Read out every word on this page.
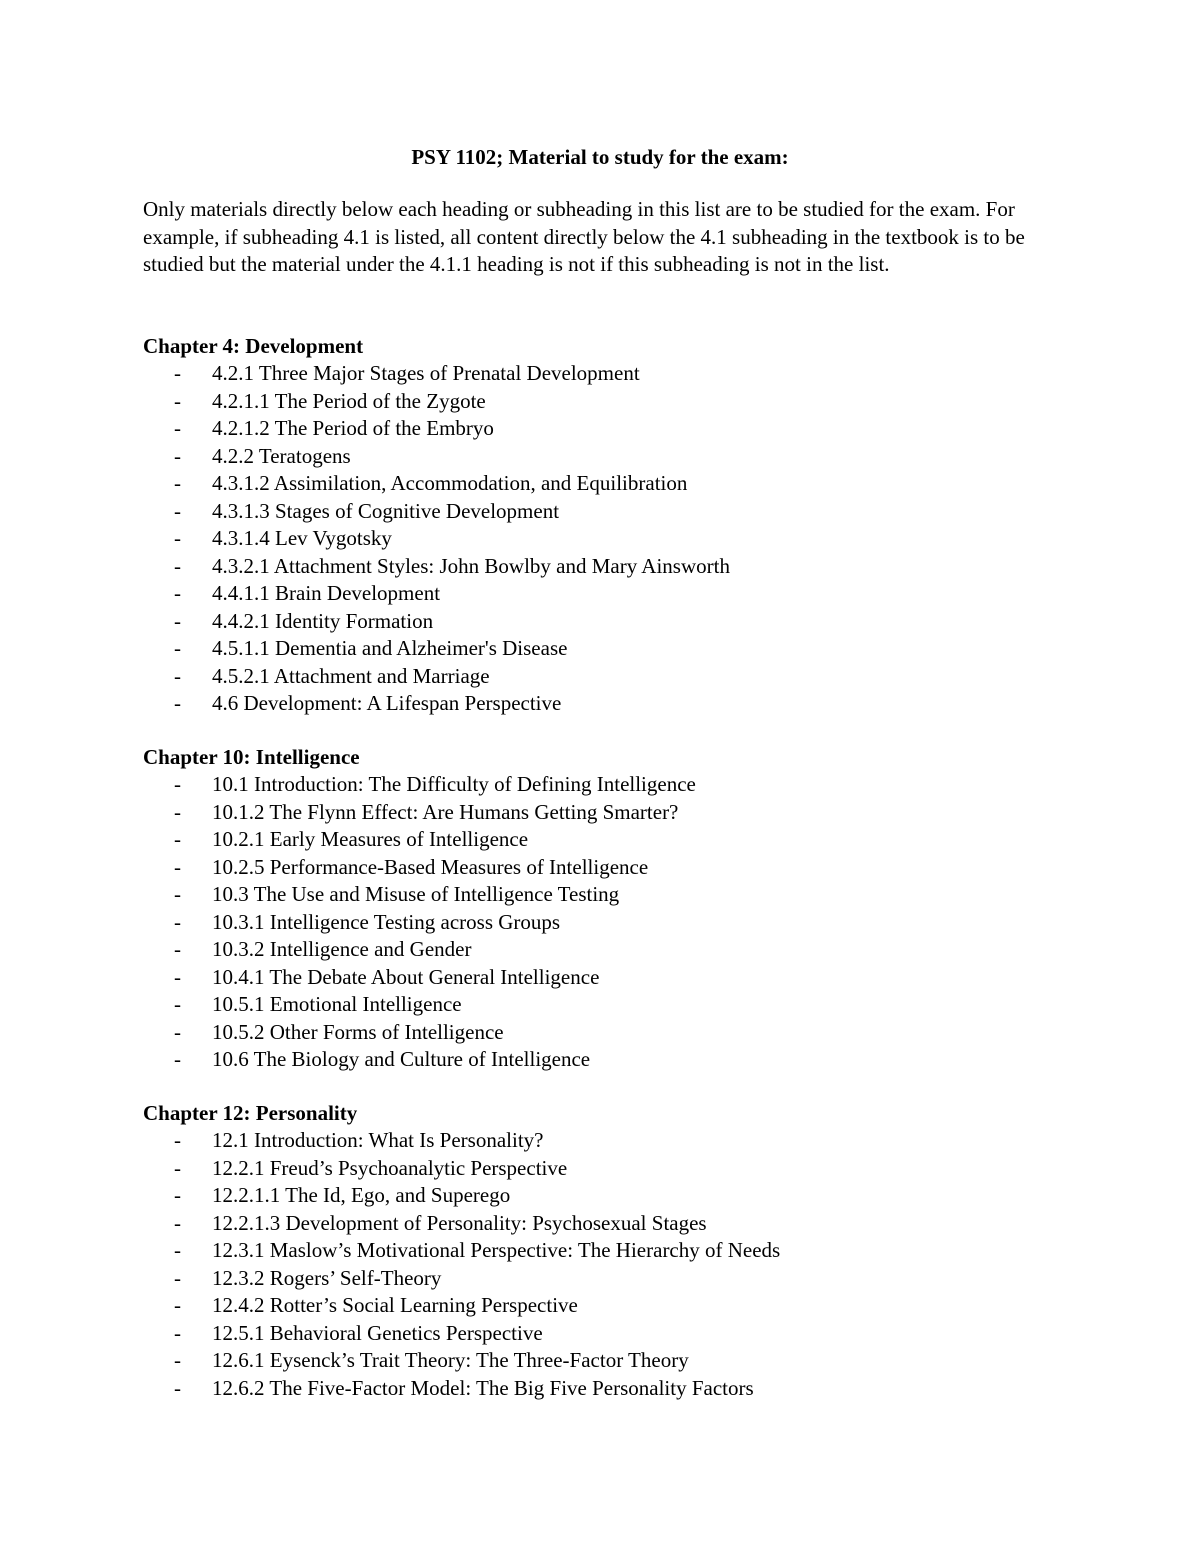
PSY 1102; Material to study for the exam:
Only materials directly below each heading or subheading in this list are to be studied for the exam. For example, if subheading 4.1 is listed, all content directly below the 4.1 subheading in the textbook is to be studied but the material under the 4.1.1 heading is not if this subheading is not in the list.
Chapter 4: Development
- 4.2.1 Three Major Stages of Prenatal Development
- 4.2.1.1 The Period of the Zygote
- 4.2.1.2 The Period of the Embryo
- 4.2.2 Teratogens
- 4.3.1.2 Assimilation, Accommodation, and Equilibration
- 4.3.1.3 Stages of Cognitive Development
- 4.3.1.4 Lev Vygotsky
- 4.3.2.1 Attachment Styles: John Bowlby and Mary Ainsworth
- 4.4.1.1 Brain Development
- 4.4.2.1 Identity Formation
- 4.5.1.1 Dementia and Alzheimer's Disease
- 4.5.2.1 Attachment and Marriage
- 4.6 Development: A Lifespan Perspective
Chapter 10: Intelligence
- 10.1 Introduction: The Difficulty of Defining Intelligence
- 10.1.2 The Flynn Effect: Are Humans Getting Smarter?
- 10.2.1 Early Measures of Intelligence
- 10.2.5 Performance-Based Measures of Intelligence
- 10.3 The Use and Misuse of Intelligence Testing
- 10.3.1 Intelligence Testing across Groups
- 10.3.2 Intelligence and Gender
- 10.4.1 The Debate About General Intelligence
- 10.5.1 Emotional Intelligence
- 10.5.2 Other Forms of Intelligence
- 10.6 The Biology and Culture of Intelligence
Chapter 12: Personality
- 12.1 Introduction: What Is Personality?
- 12.2.1 Freud’s Psychoanalytic Perspective
- 12.2.1.1 The Id, Ego, and Superego
- 12.2.1.3 Development of Personality: Psychosexual Stages
- 12.3.1 Maslow’s Motivational Perspective: The Hierarchy of Needs
- 12.3.2 Rogers’ Self-Theory
- 12.4.2 Rotter’s Social Learning Perspective
- 12.5.1 Behavioral Genetics Perspective
- 12.6.1 Eysenck’s Trait Theory: The Three-Factor Theory
- 12.6.2 The Five-Factor Model: The Big Five Personality Factors
